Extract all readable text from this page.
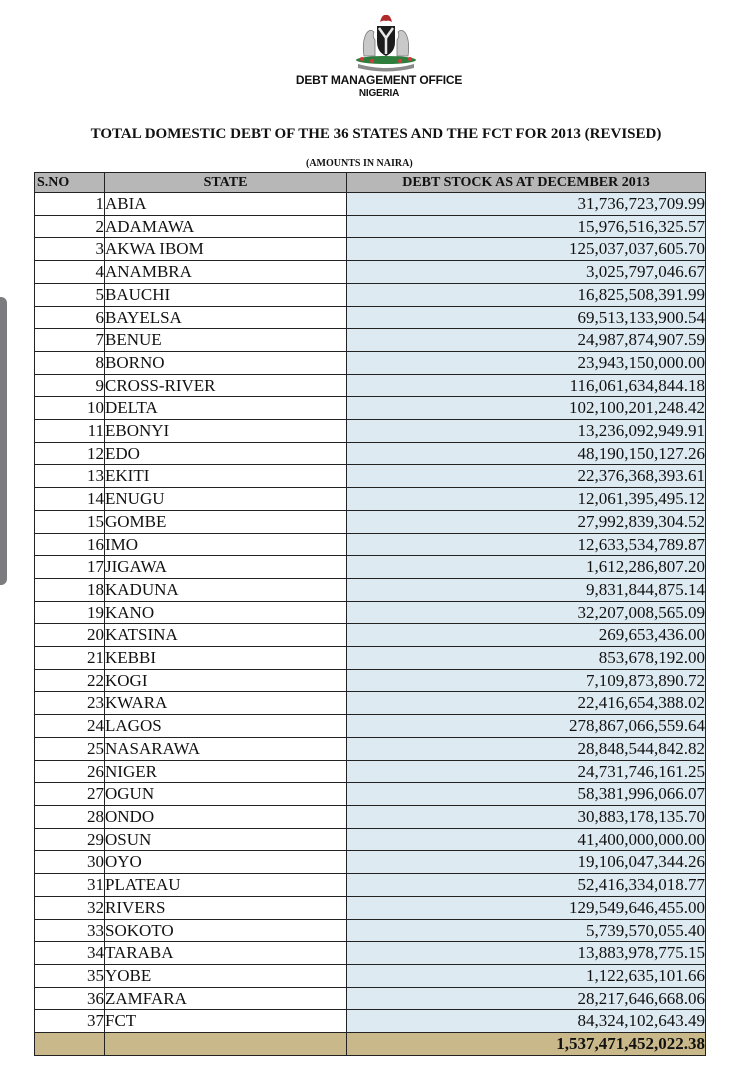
DEBT MANAGEMENT OFFICE
NIGERIA
TOTAL DOMESTIC DEBT OF THE 36 STATES AND THE FCT FOR 2013 (REVISED)
(AMOUNTS IN NAIRA)
S.NO	STATE	DEBT STOCK AS AT DECEMBER 2013
1	ABIA	31,736,723,709.99
2	ADAMAWA	15,976,516,325.57
3	AKWA IBOM	125,037,037,605.70
4	ANAMBRA	3,025,797,046.67
5	BAUCHI	16,825,508,391.99
6	BAYELSA	69,513,133,900.54
7	BENUE	24,987,874,907.59
8	BORNO	23,943,150,000.00
9	CROSS-RIVER	116,061,634,844.18
10	DELTA	102,100,201,248.42
11	EBONYI	13,236,092,949.91
12	EDO	48,190,150,127.26
13	EKITI	22,376,368,393.61
14	ENUGU	12,061,395,495.12
15	GOMBE	27,992,839,304.52
16	IMO	12,633,534,789.87
17	JIGAWA	1,612,286,807.20
18	KADUNA	9,831,844,875.14
19	KANO	32,207,008,565.09
20	KATSINA	269,653,436.00
21	KEBBI	853,678,192.00
22	KOGI	7,109,873,890.72
23	KWARA	22,416,654,388.02
24	LAGOS	278,867,066,559.64
25	NASARAWA	28,848,544,842.82
26	NIGER	24,731,746,161.25
27	OGUN	58,381,996,066.07
28	ONDO	30,883,178,135.70
29	OSUN	41,400,000,000.00
30	OYO	19,106,047,344.26
31	PLATEAU	52,416,334,018.77
32	RIVERS	129,549,646,455.00
33	SOKOTO	5,739,570,055.40
34	TARABA	13,883,978,775.15
35	YOBE	1,122,635,101.66
36	ZAMFARA	28,217,646,668.06
37	FCT	84,324,102,643.49
		1,537,471,452,022.38
